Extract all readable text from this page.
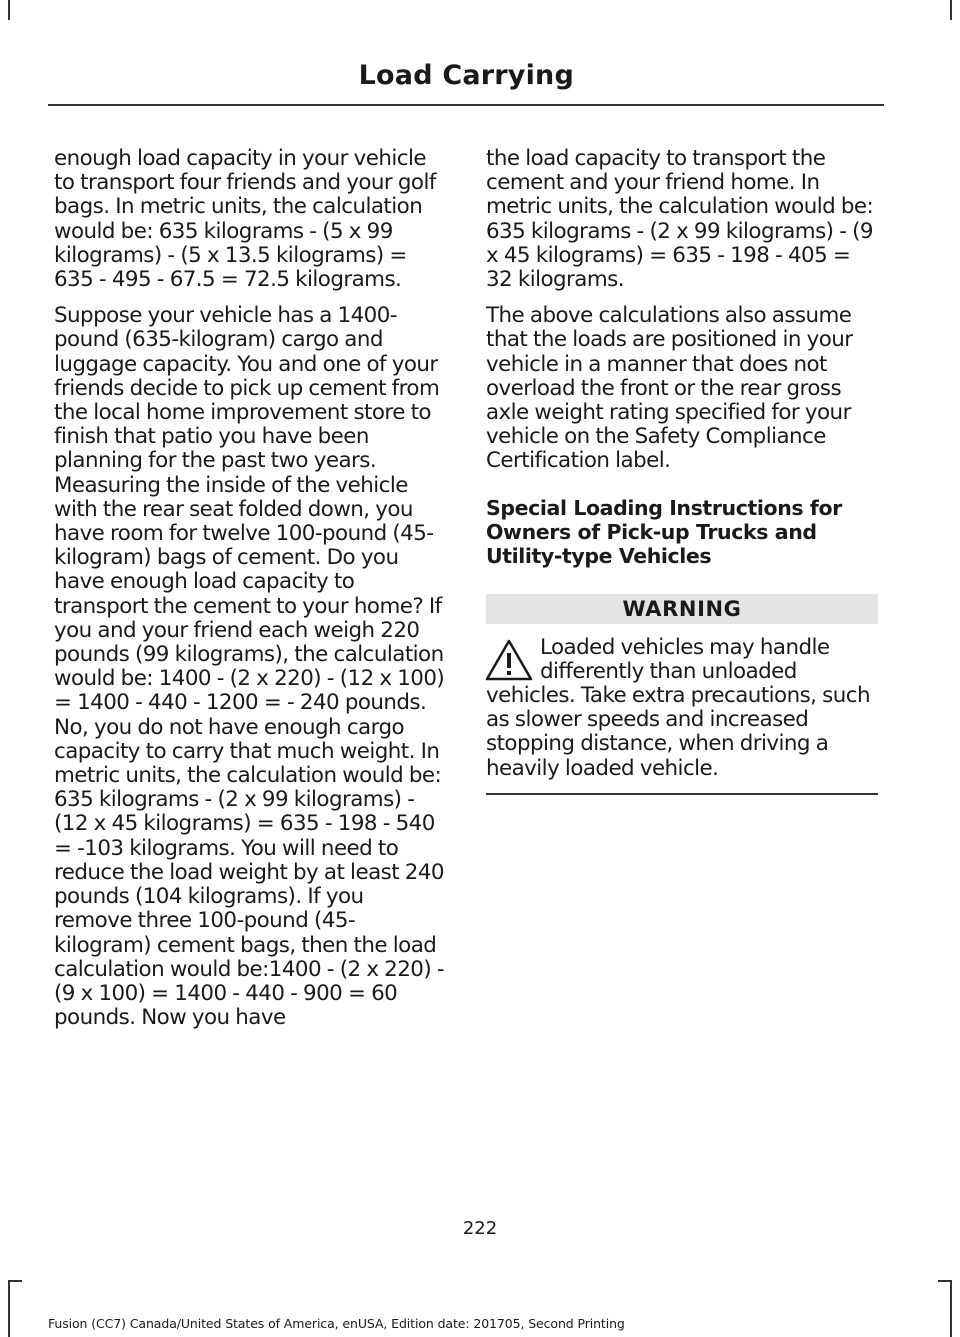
Load Carrying

enough load capacity in your vehicle to transport four friends and your golf bags. In metric units, the calculation would be: 635 kilograms - (5 x 99 kilograms) - (5 x 13.5 kilograms) = 635 - 495 - 67.5 = 72.5 kilograms.

Suppose your vehicle has a 1400-pound (635-kilogram) cargo and luggage capacity. You and one of your friends decide to pick up cement from the local home improvement store to finish that patio you have been planning for the past two years. Measuring the inside of the vehicle with the rear seat folded down, you have room for twelve 100-pound (45-kilogram) bags of cement. Do you have enough load capacity to transport the cement to your home? If you and your friend each weigh 220 pounds (99 kilograms), the calculation would be: 1400 - (2 x 220) - (12 x 100) = 1400 - 440 - 1200 = - 240 pounds. No, you do not have enough cargo capacity to carry that much weight. In metric units, the calculation would be: 635 kilograms - (2 x 99 kilograms) - (12 x 45 kilograms) = 635 - 198 - 540 = -103 kilograms. You will need to reduce the load weight by at least 240 pounds (104 kilograms). If you remove three 100-pound (45-kilogram) cement bags, then the load calculation would be:1400 - (2 x 220) - (9 x 100) = 1400 - 440 - 900 = 60 pounds. Now you have

the load capacity to transport the cement and your friend home. In metric units, the calculation would be: 635 kilograms - (2 x 99 kilograms) - (9 x 45 kilograms) = 635 - 198 - 405 = 32 kilograms.

The above calculations also assume that the loads are positioned in your vehicle in a manner that does not overload the front or the rear gross axle weight rating specified for your vehicle on the Safety Compliance Certification label.

Special Loading Instructions for Owners of Pick-up Trucks and Utility-type Vehicles
WARNING

Loaded vehicles may handle differently than unloaded vehicles. Take extra precautions, such as slower speeds and increased stopping distance, when driving a heavily loaded vehicle.

222
Fusion (CC7) Canada/United States of America, enUSA, Edition date: 201705, Second Printing
